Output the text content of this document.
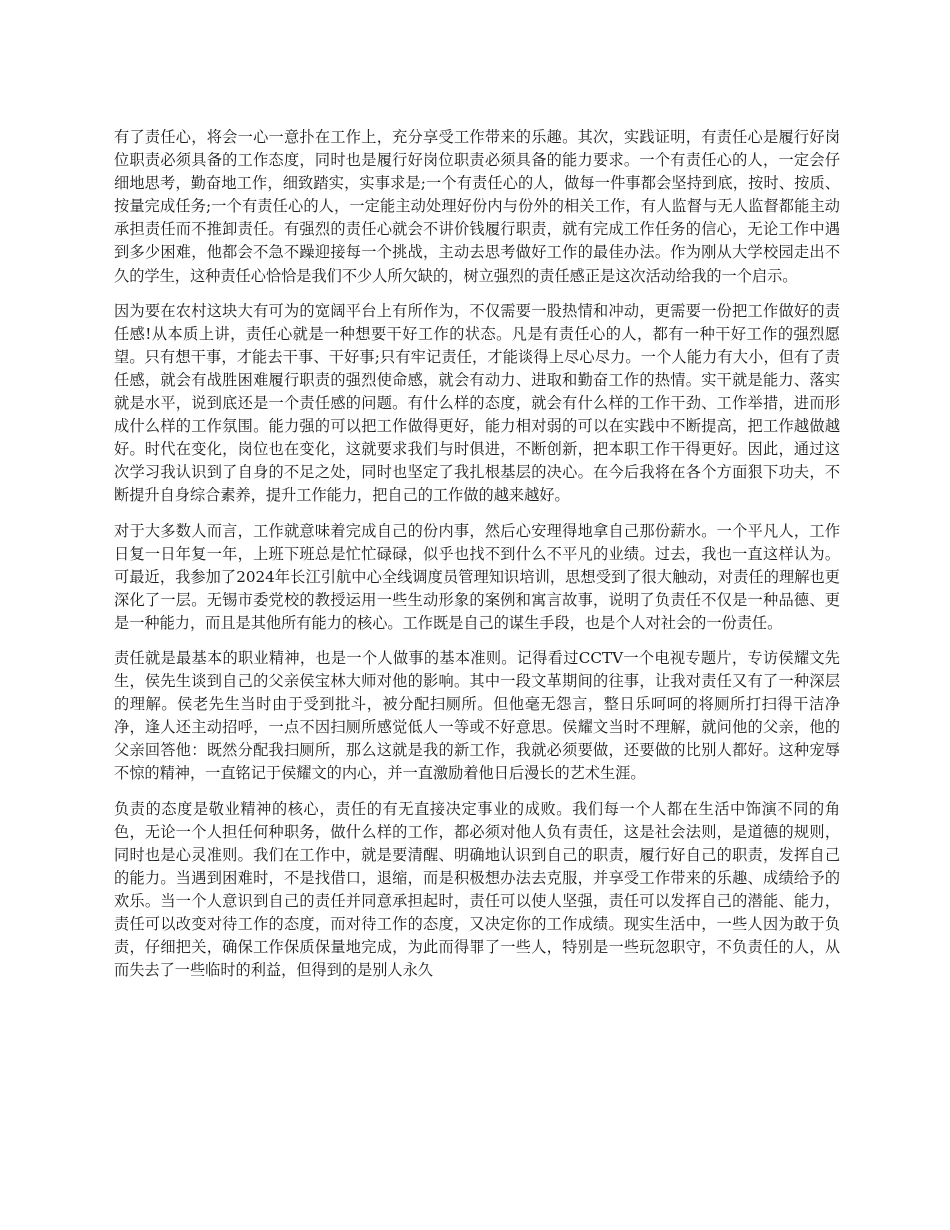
有了责任心，将会一心一意扑在工作上，充分享受工作带来的乐趣。其次，实践证明，有责任心是履行好岗位职责必须具备的工作态度，同时也是履行好岗位职责必须具备的能力要求。一个有责任心的人，一定会仔细地思考，勤奋地工作，细致踏实，实事求是;一个有责任心的人，做每一件事都会坚持到底，按时、按质、按量完成任务;一个有责任心的人，一定能主动处理好份内与份外的相关工作，有人监督与无人监督都能主动承担责任而不推卸责任。有强烈的责任心就会不讲价钱履行职责，就有完成工作任务的信心，无论工作中遇到多少困难，他都会不急不躁迎接每一个挑战，主动去思考做好工作的最佳办法。作为刚从大学校园走出不久的学生，这种责任心恰恰是我们不少人所欠缺的，树立强烈的责任感正是这次活动给我的一个启示。

因为要在农村这块大有可为的宽阔平台上有所作为，不仅需要一股热情和冲动，更需要一份把工作做好的责任感!从本质上讲，责任心就是一种想要干好工作的状态。凡是有责任心的人，都有一种干好工作的强烈愿望。只有想干事，才能去干事、干好事;只有牢记责任，才能谈得上尽心尽力。一个人能力有大小，但有了责任感，就会有战胜困难履行职责的强烈使命感，就会有动力、进取和勤奋工作的热情。实干就是能力、落实就是水平，说到底还是一个责任感的问题。有什么样的态度，就会有什么样的工作干劲、工作举措，进而形成什么样的工作氛围。能力强的可以把工作做得更好，能力相对弱的可以在实践中不断提高，把工作越做越好。时代在变化，岗位也在变化，这就要求我们与时俱进，不断创新，把本职工作干得更好。因此，通过这次学习我认识到了自身的不足之处，同时也坚定了我扎根基层的决心。在今后我将在各个方面狠下功夫，不断提升自身综合素养，提升工作能力，把自己的工作做的越来越好。

对于大多数人而言，工作就意味着完成自己的份内事，然后心安理得地拿自己那份薪水。一个平凡人，工作日复一日年复一年，上班下班总是忙忙碌碌，似乎也找不到什么不平凡的业绩。过去，我也一直这样认为。可最近，我参加了2024年长江引航中心全线调度员管理知识培训，思想受到了很大触动，对责任的理解也更深化了一层。无锡市委党校的教授运用一些生动形象的案例和寓言故事，说明了负责任不仅是一种品德、更是一种能力，而且是其他所有能力的核心。工作既是自己的谋生手段，也是个人对社会的一份责任。

责任就是最基本的职业精神，也是一个人做事的基本准则。记得看过CCTV一个电视专题片，专访侯耀文先生，侯先生谈到自己的父亲侯宝林大师对他的影响。其中一段文革期间的往事，让我对责任又有了一种深层的理解。侯老先生当时由于受到批斗，被分配扫厕所。但他毫无怨言，整日乐呵呵的将厕所打扫得干洁净净，逢人还主动招呼，一点不因扫厕所感觉低人一等或不好意思。侯耀文当时不理解，就问他的父亲，他的父亲回答他：既然分配我扫厕所，那么这就是我的新工作，我就必须要做，还要做的比别人都好。这种宠辱不惊的精神，一直铭记于侯耀文的内心，并一直激励着他日后漫长的艺术生涯。

负责的态度是敬业精神的核心，责任的有无直接决定事业的成败。我们每一个人都在生活中饰演不同的角色，无论一个人担任何种职务，做什么样的工作，都必须对他人负有责任，这是社会法则，是道德的规则，同时也是心灵准则。我们在工作中，就是要清醒、明确地认识到自己的职责，履行好自己的职责，发挥自己的能力。当遇到困难时，不是找借口，退缩，而是积极想办法去克服，并享受工作带来的乐趣、成绩给予的欢乐。当一个人意识到自己的责任并同意承担起时，责任可以使人坚强，责任可以发挥自己的潜能、能力，责任可以改变对待工作的态度，而对待工作的态度，又决定你的工作成绩。现实生活中，一些人因为敢于负责，仔细把关，确保工作保质保量地完成，为此而得罪了一些人，特别是一些玩忽职守，不负责任的人，从而失去了一些临时的利益，但得到的是别人永久
